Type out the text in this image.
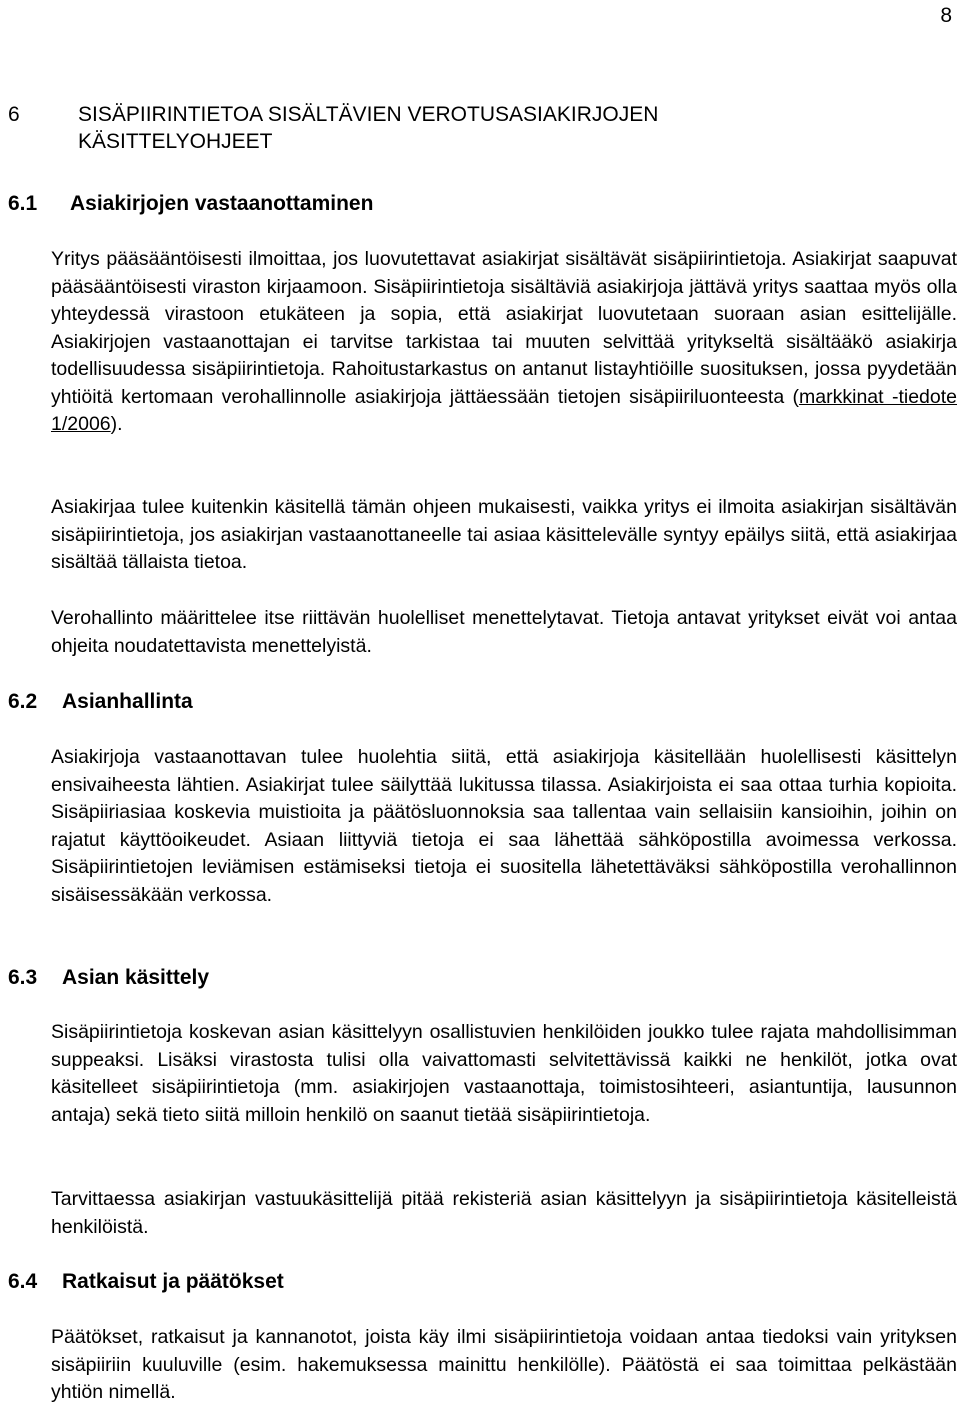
8
6	SISÄPIIRINTIETOA SISÄLTÄVIEN VEROTUSASIAKIRJOJEN
KÄSITTELYOHJEET
6.1 Asiakirjojen vastaanottaminen
Yritys pääsääntöisesti ilmoittaa, jos luovutettavat asiakirjat sisältävät sisäpiirintietoja. Asiakirjat saapuvat pääsääntöisesti viraston kirjaamoon. Sisäpiirintietoja sisältäviä asiakirjoja jättävä yritys saattaa myös olla yhteydessä virastoon etukäteen ja sopia, että asiakirjat luovutetaan suoraan asian esittelijälle. Asiakirjojen vastaanottajan ei tarvitse tarkistaa tai muuten selvittää yritykseltä sisältääkö asiakirja todellisuudessa sisäpiirintietoja. Rahoitustarkastus on antanut listayhtiöille suosituksen, jossa pyydetään yhtiöitä kertomaan verohallinnolle asiakirjoja jättäessään tietojen sisäpiiriluonteesta (markkinat -tiedote 1/2006).
Asiakirjaa tulee kuitenkin käsitellä tämän ohjeen mukaisesti, vaikka yritys ei ilmoita asiakirjan sisältävän sisäpiirintietoja, jos asiakirjan vastaanottaneelle tai asiaa käsittelevälle syntyy epäilys siitä, että asiakirjaa sisältää tällaista tietoa.
Verohallinto määrittelee itse riittävän huolelliset menettelytavat. Tietoja antavat yritykset eivät voi antaa ohjeita noudatettavista menettelyistä.
6.2 Asianhallinta
Asiakirjoja vastaanottavan tulee huolehtia siitä, että asiakirjoja käsitellään huolellisesti käsittelyn ensivaiheesta lähtien. Asiakirjat tulee säilyttää lukitussa tilassa. Asiakirjoista ei saa ottaa turhia kopioita. Sisäpiiriasiaa koskevia muistioita ja päätösluonnoksia saa tallentaa vain sellaisiin kansioihin, joihin on rajatut käyttöoikeudet. Asiaan liittyviä tietoja ei saa lähettää sähköpostilla avoimessa verkossa. Sisäpiirintietojen leviämisen estämiseksi tietoja ei suositella lähetettäväksi sähköpostilla verohallinnon sisäisessäkään verkossa.
6.3 Asian käsittely
Sisäpiirintietoja koskevan asian käsittelyyn osallistuvien henkilöiden joukko tulee rajata mahdollisimman suppeaksi. Lisäksi virastosta tulisi olla vaivattomasti selvitettävissä kaikki ne henkilöt, jotka ovat käsitelleet sisäpiirintietoja (mm. asiakirjojen vastaanottaja, toimistosihteeri, asiantuntija, lausunnon antaja) sekä tieto siitä milloin henkilö on saanut tietää sisäpiirintietoja.
Tarvittaessa asiakirjan vastuukäsittelijä pitää rekisteriä asian käsittelyyn ja sisäpiirintietoja käsitelleistä henkilöistä.
6.4 Ratkaisut ja päätökset
Päätökset, ratkaisut ja kannanotot, joista käy ilmi sisäpiirintietoja voidaan antaa tiedoksi vain yrityksen sisäpiiriin kuuluville (esim. hakemuksessa mainittu henkilölle). Päätöstä ei saa toimittaa pelkästään yhtiön nimellä.
